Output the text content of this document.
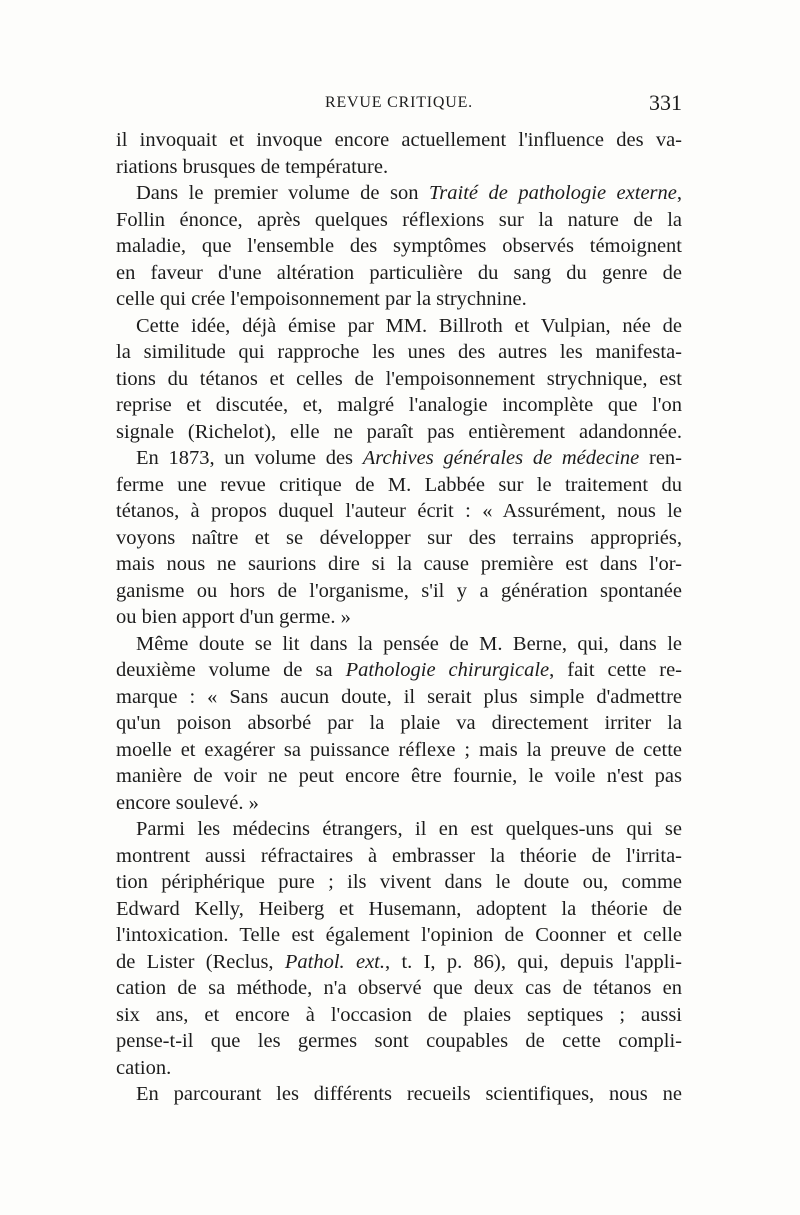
REVUE CRITIQUE.	331
il invoquait et invoque encore actuellement l'influence des va-
riations brusques de température.
Dans le premier volume de son Traité de pathologie externe,
Follin énonce, après quelques réflexions sur la nature de la
maladie, que l'ensemble des symptômes observés témoignent
en faveur d'une altération particulière du sang du genre de
celle qui crée l'empoisonnement par la strychnine.
Cette idée, déjà émise par MM. Billroth et Vulpian, née de
la similitude qui rapproche les unes des autres les manifesta-
tions du tétanos et celles de l'empoisonnement strychnique, est
reprise et discutée, et, malgré l'analogie incomplète que l'on
signale (Richelot), elle ne paraît pas entièrement adandonnée.
En 1873, un volume des Archives générales de médecine ren-
ferme une revue critique de M. Labbée sur le traitement du
tétanos, à propos duquel l'auteur écrit : « Assurément, nous le
voyons naître et se développer sur des terrains appropriés,
mais nous ne saurions dire si la cause première est dans l'or-
ganisme ou hors de l'organisme, s'il y a génération spontanée
ou bien apport d'un germe. »
Même doute se lit dans la pensée de M. Berne, qui, dans le
deuxième volume de sa Pathologie chirurgicale, fait cette re-
marque : « Sans aucun doute, il serait plus simple d'admettre
qu'un poison absorbé par la plaie va directement irriter la
moelle et exagérer sa puissance réflexe ; mais la preuve de cette
manière de voir ne peut encore être fournie, le voile n'est pas
encore soulevé. »
Parmi les médecins étrangers, il en est quelques-uns qui se
montrent aussi réfractaires à embrasser la théorie de l'irrita-
tion périphérique pure ; ils vivent dans le doute ou, comme
Edward Kelly, Heiberg et Husemann, adoptent la théorie de
l'intoxication. Telle est également l'opinion de Coonner et celle
de Lister (Reclus, Pathol. ext., t. I, p. 86), qui, depuis l'appli-
cation de sa méthode, n'a observé que deux cas de tétanos en
six ans, et encore à l'occasion de plaies septiques ; aussi
pense-t-il que les germes sont coupables de cette compli-
cation.
En parcourant les différents recueils scientifiques, nous ne
